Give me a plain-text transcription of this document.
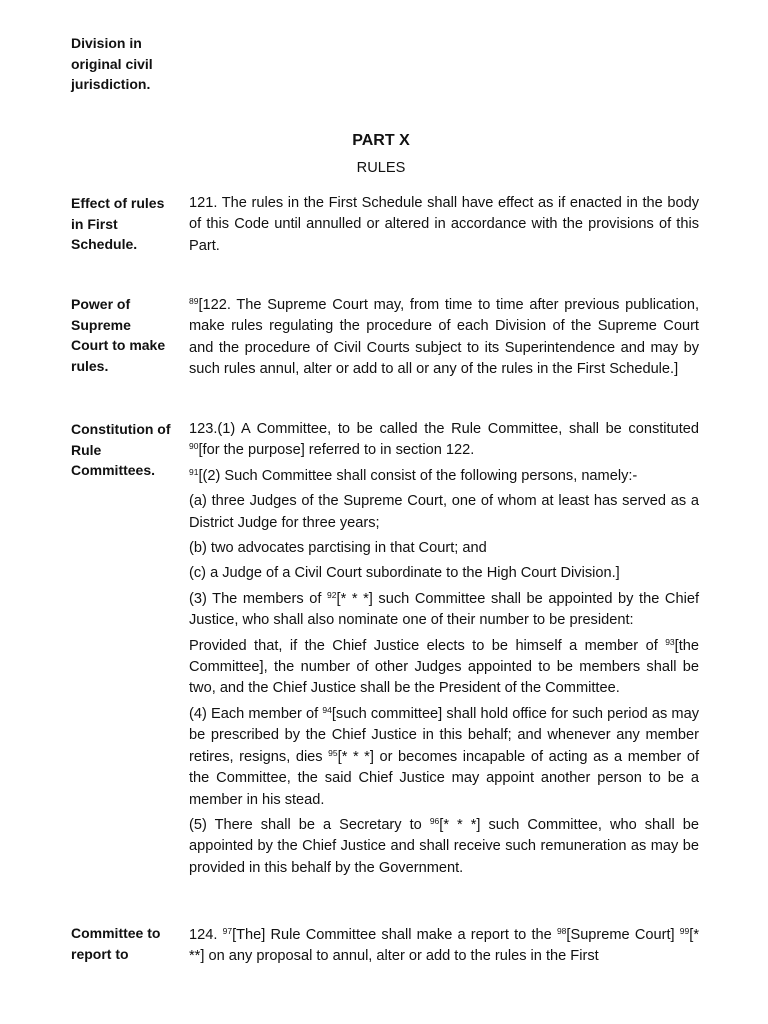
Division in original civil jurisdiction.
PART X
RULES
Effect of rules in First Schedule.

121. The rules in the First Schedule shall have effect as if enacted in the body of this Code until annulled or altered in accordance with the provisions of this Part.

Power of Supreme Court to make rules.

$^{89}$[122. The Supreme Court may, from time to time after previous publication, make rules regulating the procedure of each Division of the Supreme Court and the procedure of Civil Courts subject to its Superintendence and may by such rules annul, alter or add to all or any of the rules in the First Schedule.]

Constitution of Rule Committees.

123.(1) A Committee, to be called the Rule Committee, shall be constituted $^{90}$[for the purpose] referred to in section 122.

$^{91}$[(2) Such Committee shall consist of the following persons, namely:-

(a) three Judges of the Supreme Court, one of whom at least has served as a District Judge for three years;

(b) two advocates parctising in that Court; and

(c) a Judge of a Civil Court subordinate to the High Court Division.]

(3) The members of $^{92}$[* * *] such Committee shall be appointed by the Chief Justice, who shall also nominate one of their number to be president:

Provided that, if the Chief Justice elects to be himself a member of $^{93}$[the Committee], the number of other Judges appointed to be members shall be two, and the Chief Justice shall be the President of the Committee.

(4) Each member of $^{94}$[such committee] shall hold office for such period as may be prescribed by the Chief Justice in this behalf; and whenever any member retires, resigns, dies $^{95}$[* * *] or becomes incapable of acting as a member of the Committee, the said Chief Justice may appoint another person to be a member in his stead.

(5) There shall be a Secretary to $^{96}$[* * *] such Committee, who shall be appointed by the Chief Justice and shall receive such remuneration as may be provided in this behalf by the Government.

Committee to report to

124. $^{97}$[The] Rule Committee shall make a report to the $^{98}$[Supreme Court] $^{99}$[* **] on any proposal to annul, alter or add to the rules in the First
